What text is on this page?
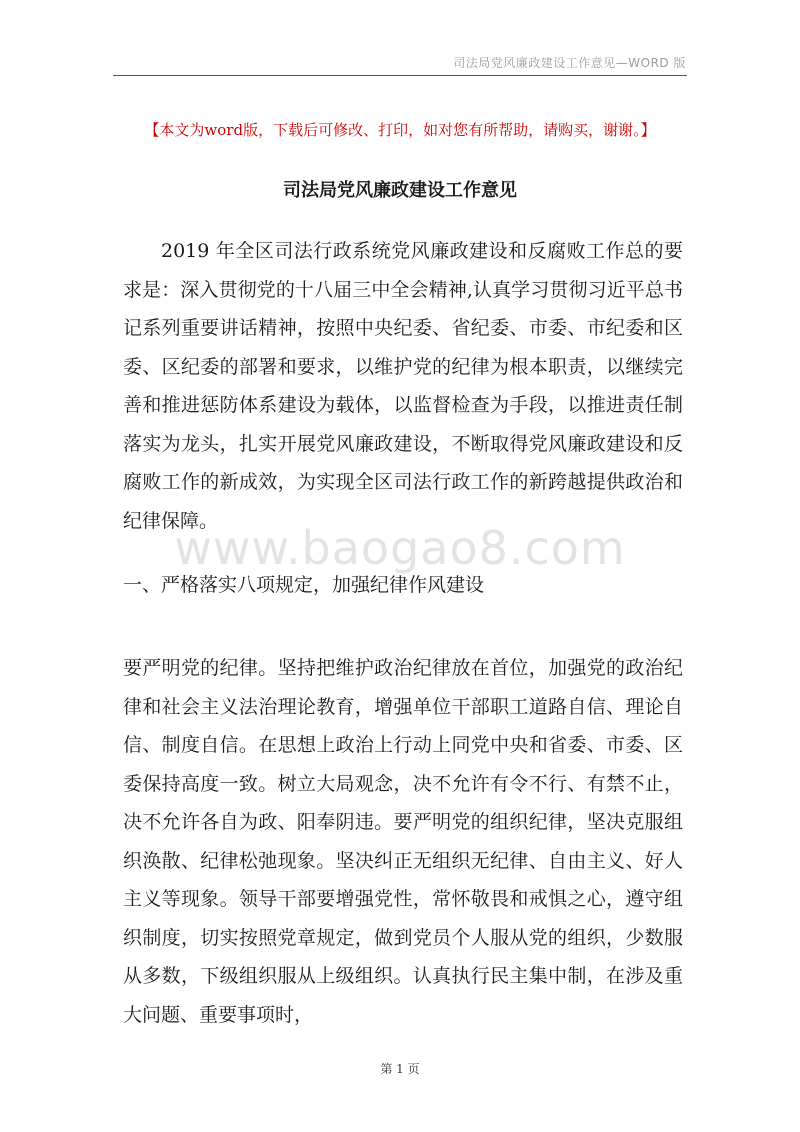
司法局党风廉政建设工作意见—WORD 版
【本文为word版，下载后可修改、打印，如对您有所帮助，请购买，谢谢。】
司法局党风廉政建设工作意见

2019 年全区司法行政系统党风廉政建设和反腐败工作总的要求是：深入贯彻党的十八届三中全会精神,认真学习贯彻习近平总书记系列重要讲话精神，按照中央纪委、省纪委、市委、市纪委和区委、区纪委的部署和要求，以维护党的纪律为根本职责，以继续完善和推进惩防体系建设为载体，以监督检查为手段，以推进责任制落实为龙头，扎实开展党风廉政建设，不断取得党风廉政建设和反腐败工作的新成效，为实现全区司法行政工作的新跨越提供政治和纪律保障。

www.baogao8.com
一、严格落实八项规定，加强纪律作风建设

要严明党的纪律。坚持把维护政治纪律放在首位，加强党的政治纪律和社会主义法治理论教育，增强单位干部职工道路自信、理论自信、制度自信。在思想上政治上行动上同党中央和省委、市委、区委保持高度一致。树立大局观念，决不允许有令不行、有禁不止，决不允许各自为政、阳奉阴违。要严明党的组织纪律，坚决克服组织涣散、纪律松弛现象。坚决纠正无组织无纪律、自由主义、好人主义等现象。领导干部要增强党性，常怀敬畏和戒惧之心，遵守组织制度，切实按照党章规定，做到党员个人服从党的组织，少数服从多数，下级组织服从上级组织。认真执行民主集中制，在涉及重大问题、重要事项时，

第 1 页
